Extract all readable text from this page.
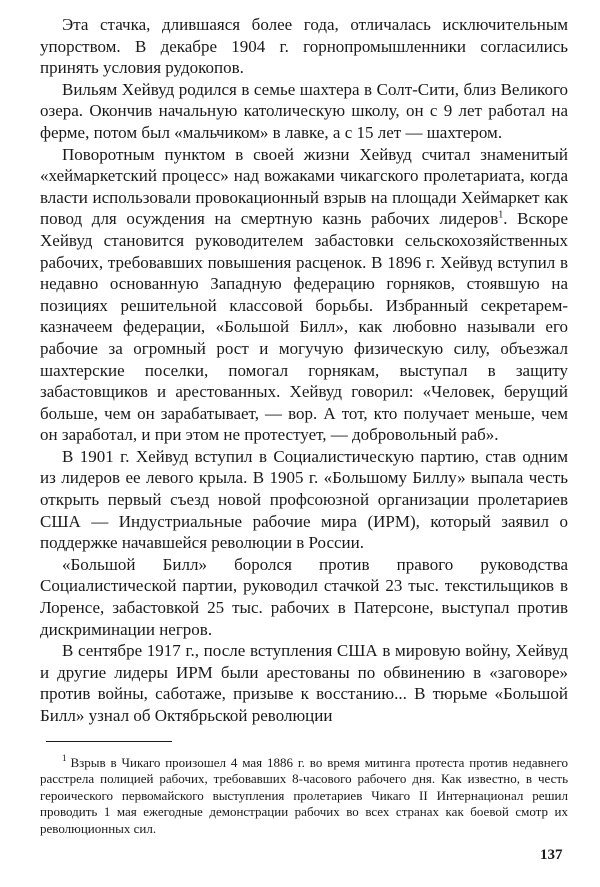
Эта стачка, длившаяся более года, отличалась исключительным упорством. В декабре 1904 г. горнопромышленники согласились принять условия рудокопов.

Вильям Хейвуд родился в семье шахтера в Солт-Сити, близ Великого озера. Окончив начальную католическую школу, он с 9 лет работал на ферме, потом был «мальчиком» в лавке, а с 15 лет — шахтером.

Поворотным пунктом в своей жизни Хейвуд считал знаменитый «хеймаркетский процесс» над вожаками чикагского пролетариата, когда власти использовали провокационный взрыв на площади Хеймаркет как повод для осуждения на смертную казнь рабочих лидеров$^1$. Вскоре Хейвуд становится руководителем забастовки сельскохозяйственных рабочих, требовавших повышения расценок. В 1896 г. Хейвуд вступил в недавно основанную Западную федерацию горняков, стоявшую на позициях решительной классовой борьбы. Избранный секретарем-казначеем федерации, «Большой Билл», как любовно называли его рабочие за огромный рост и могучую физическую силу, объезжал шахтерские поселки, помогал горнякам, выступал в защиту забастовщиков и арестованных. Хейвуд говорил: «Человек, берущий больше, чем он зарабатывает, — вор. А тот, кто получает меньше, чем он заработал, и при этом не протестует, — добровольный раб».

В 1901 г. Хейвуд вступил в Социалистическую партию, став одним из лидеров ее левого крыла. В 1905 г. «Большому Биллу» выпала честь открыть первый съезд новой профсоюзной организации пролетариев США — Индустриальные рабочие мира (ИРМ), который заявил о поддержке начавшейся революции в России.

«Большой Билл» боролся против правого руководства Социалистической партии, руководил стачкой 23 тыс. текстильщиков в Лоренсе, забастовкой 25 тыс. рабочих в Патерсоне, выступал против дискриминации негров.

В сентябре 1917 г., после вступления США в мировую войну, Хейвуд и другие лидеры ИРМ были арестованы по обвинению в «заговоре» против войны, саботаже, призыве к восстанию... В тюрьме «Большой Билл» узнал об Октябрьской революции

$^1$ Взрыв в Чикаго произошел 4 мая 1886 г. во время митинга протеста против недавнего расстрела полицией рабочих, требовавших 8-часового рабочего дня. Как известно, в честь героического первомайского выступления пролетариев Чикаго II Интернационал решил проводить 1 мая ежегодные демонстрации рабочих во всех странах как боевой смотр их революционных сил.

137
